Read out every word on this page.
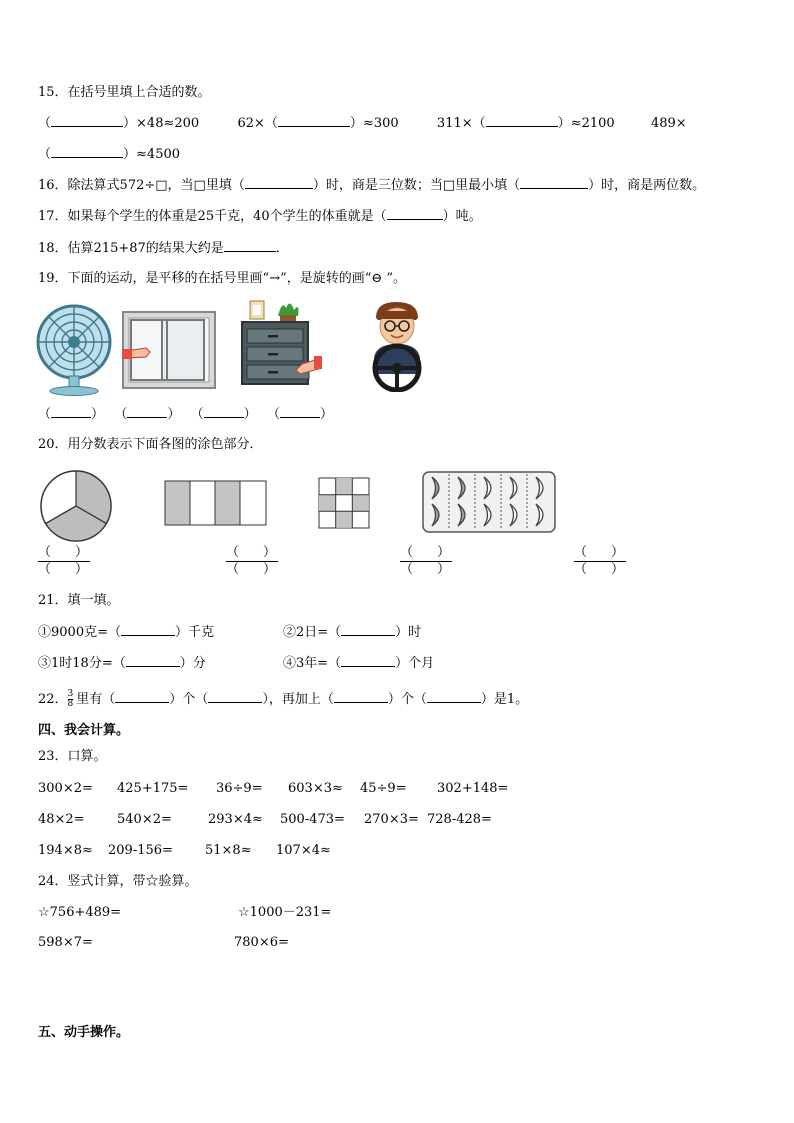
15．在括号里填上合适的数。
（	）×48≈200	62×（	）≈300	311×（	）≈2100	489×
（	）≈4500
16．除法算式572÷□，当□里填（	）时，商是三位数；当□里最小填（	）时，商是两位数。
17．如果每个学生的体重是25千克，40个学生的体重就是（	）吨。
18．估算215+87的结果大约是	．
19．下面的运动，是平移的在括号里画“→”，是旋转的画“⊖ ”。
（	） （	） （	） （	）
20．用分数表示下面各图的涂色部分．
（ ）
（ ）
（ ）
（ ）
（ ）
（ ）
（ ）
（ ）
21．填一填。
①9000克=（	）千克	②2日=（	）时
③1时18分=（	）分	④3年=（	）个月
22． $\frac{3}{8}$ 里有（	）个（	），再加上（	）个（	）是1。
四、我会计算。
23．口算。
300×2= 425+175= 36÷9= 603×3≈ 45÷9= 302+148=
48×2= 540×2=	293×4≈ 500-473= 270×3= 728-428=
194×8≈ 209-156= 51×8≈ 107×4≈
24．竖式计算，带☆验算。
☆756+489=	☆1000－231=
598×7=	780×6=
五、动手操作。
